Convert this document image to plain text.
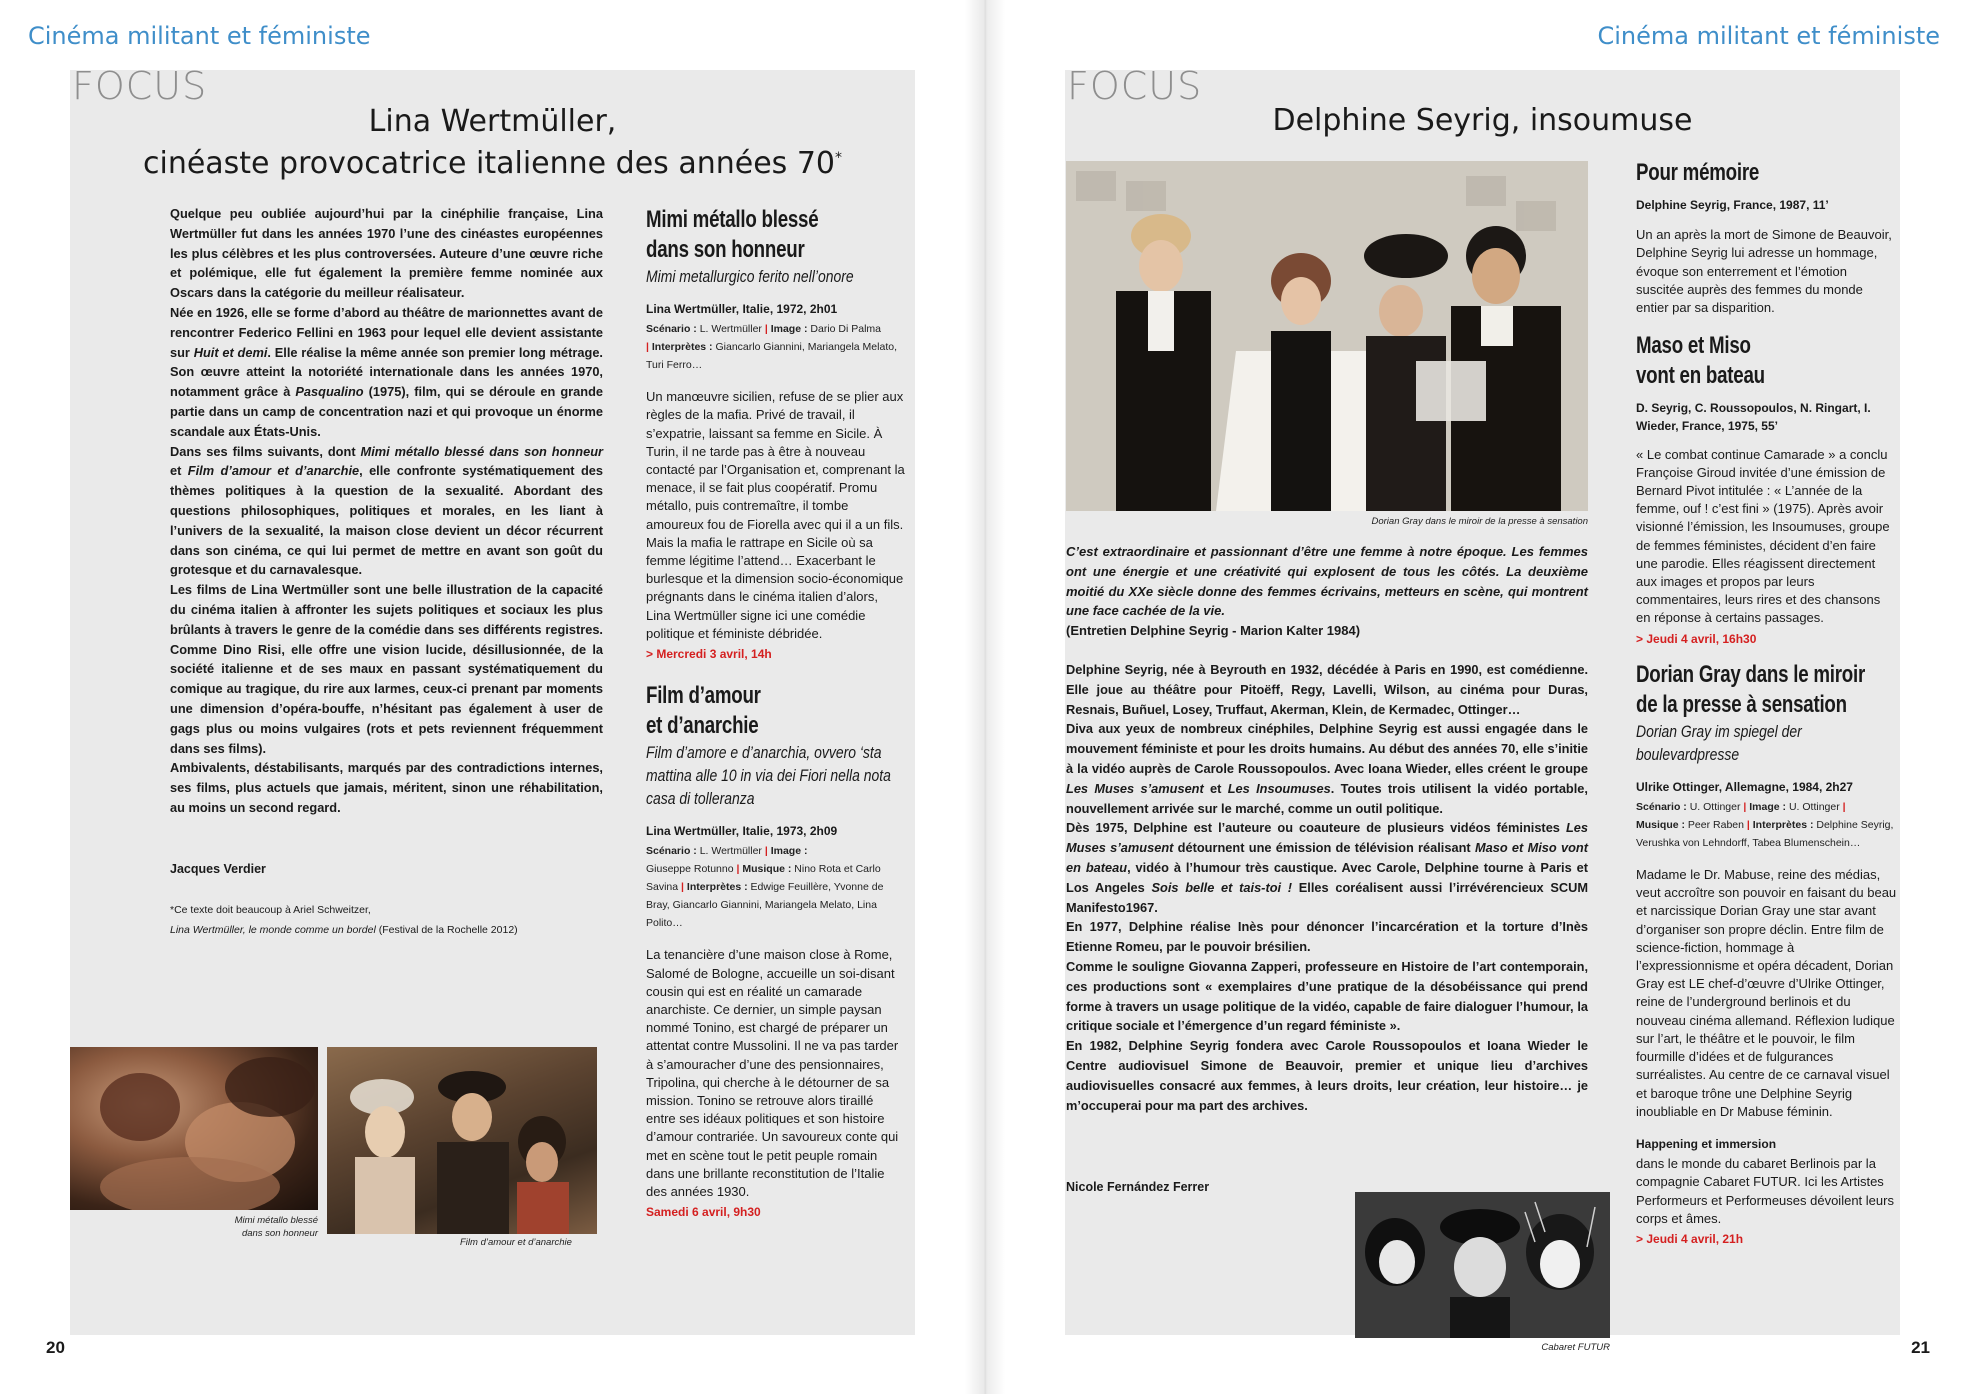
Cinéma militant et féministe
FOCUS
Lina Wertmüller,
cinéaste provocatrice italienne des années 70*

Quelque peu oubliée aujourd’hui par la cinéphilie française, Lina Wertmüller fut dans les années 1970 l’une des cinéastes européennes les plus célèbres et les plus controversées. Auteure d’une œuvre riche et polémique, elle fut également la première femme nominée aux Oscars dans la catégorie du meilleur réalisateur.

Née en 1926, elle se forme d’abord au théâtre de marionnettes avant de rencontrer Federico Fellini en 1963 pour lequel elle devient assistante sur Huit et demi. Elle réalise la même année son premier long métrage. Son œuvre atteint la notoriété internationale dans les années 1970, notamment grâce à Pasqualino (1975), film, qui se déroule en grande partie dans un camp de concentration nazi et qui provoque un énorme scandale aux États-Unis.

Dans ses films suivants, dont Mimi métallo blessé dans son honneur et Film d’amour et d’anarchie, elle confronte systématiquement des thèmes politiques à la question de la sexualité. Abordant des questions philosophiques, politiques et morales, en les liant à l’univers de la sexualité, la maison close devient un décor récurrent dans son cinéma, ce qui lui permet de mettre en avant son goût du grotesque et du carnavalesque.

Les films de Lina Wertmüller sont une belle illustration de la capacité du cinéma italien à affronter les sujets politiques et sociaux les plus brûlants à travers le genre de la comédie dans ses différents registres. Comme Dino Risi, elle offre une vision lucide, désillusionnée, de la société italienne et de ses maux en passant systématiquement du comique au tragique, du rire aux larmes, ceux-ci prenant par moments une dimension d’opéra-bouffe, n’hésitant pas également à user de gags plus ou moins vulgaires (rots et pets reviennent fréquemment dans ses films).

Ambivalents, déstabilisants, marqués par des contradictions internes, ses films, plus actuels que jamais, méritent, sinon une réhabilitation, au moins un second regard.

Jacques Verdier
*Ce texte doit beaucoup à Ariel Schweitzer,
Lina Wertmüller, le monde comme un bordel (Festival de la Rochelle 2012)
Mimi métallo blessé
dans son honneur
Mimi metallurgico ferito nell’onore
Lina Wertmüller, Italie, 1972, 2h01
Scénario : L. Wertmüller | Image : Dario Di Palma
| Interprètes : Giancarlo Giannini, Mariangela Melato, Turi Ferro…
Un manœuvre sicilien, refuse de se plier aux règles de la mafia. Privé de travail, il s’expatrie, laissant sa femme en Sicile. À Turin, il ne tarde pas à être à nouveau contacté par l’Organisation et, comprenant la menace, il se fait plus coopératif. Promu métallo, puis contremaître, il tombe amoureux fou de Fiorella avec qui il a un fils. Mais la mafia le rattrape en Sicile où sa femme légitime l’attend… Exacerbant le burlesque et la dimension socio-économique prégnants dans le cinéma italien d’alors, Lina Wertmüller signe ici une comédie politique et féministe débridée.
> Mercredi 3 avril, 14h
Film d’amour
et d’anarchie
Film d’amore e d’anarchia, ovvero ‘sta mattina alle 10 in via dei Fiori nella nota casa di tolleranza
Lina Wertmüller, Italie, 1973, 2h09
Scénario : L. Wertmüller | Image :
Giuseppe Rotunno | Musique : Nino Rota et Carlo Savina | Interprètes : Edwige Feuillère, Yvonne de Bray, Giancarlo Giannini, Mariangela Melato, Lina Polito…
La tenancière d’une maison close à Rome, Salomé de Bologne, accueille un soi-disant cousin qui est en réalité un camarade anarchiste. Ce dernier, un simple paysan nommé Tonino, est chargé de préparer un attentat contre Mussolini. Il ne va pas tarder à s’amouracher d’une des pensionnaires, Tripolina, qui cherche à le détourner de sa mission. Tonino se retrouve alors tiraillé entre ses idéaux politiques et son histoire d’amour contrariée. Un savoureux conte qui met en scène tout le petit peuple romain dans une brillante reconstitution de l’Italie des années 1930.
Samedi 6 avril, 9h30
Mimi métallo blessé
dans son honneur
Film d’amour et d’anarchie
20
Cinéma militant et féministe
FOCUS
Delphine Seyrig, insoumuse
Dorian Gray dans le miroir de la presse à sensation
C’est extraordinaire et passionnant d’être une femme à notre époque. Les femmes ont une énergie et une créativité qui explosent de tous les côtés. La deuxième moitié du XXe siècle donne des femmes écrivains, metteurs en scène, qui montrent une face cachée de la vie.
(Entretien Delphine Seyrig - Marion Kalter 1984)

Delphine Seyrig, née à Beyrouth en 1932, décédée à Paris en 1990, est comédienne. Elle joue au théâtre pour Pitoëff, Regy, Lavelli, Wilson, au cinéma pour Duras, Resnais, Buñuel, Losey, Truffaut, Akerman, Klein, de Kermadec, Ottinger…

Diva aux yeux de nombreux cinéphiles, Delphine Seyrig est aussi engagée dans le mouvement féministe et pour les droits humains. Au début des années 70, elle s’initie à la vidéo auprès de Carole Roussopoulos. Avec Ioana Wieder, elles créent le groupe Les Muses s’amusent et Les Insoumuses. Toutes trois utilisent la vidéo portable, nouvellement arrivée sur le marché, comme un outil politique.

Dès 1975, Delphine est l’auteure ou coauteure de plusieurs vidéos féministes Les Muses s’amusent détournent une émission de télévision réalisant Maso et Miso vont en bateau, vidéo à l’humour très caustique. Avec Carole, Delphine tourne à Paris et Los Angeles Sois belle et tais-toi ! Elles coréalisent aussi l’irrévérencieux SCUM Manifesto1967.

En 1977, Delphine réalise Inès pour dénoncer l’incarcération et la torture d’Inès Etienne Romeu, par le pouvoir brésilien.

Comme le souligne Giovanna Zapperi, professeure en Histoire de l’art contemporain, ces productions sont « exemplaires d’une pratique de la désobéissance qui prend forme à travers un usage politique de la vidéo, capable de faire dialoguer l’humour, la critique sociale et l’émergence d’un regard féministe ».

En 1982, Delphine Seyrig fondera avec Carole Roussopoulos et Ioana Wieder le Centre audiovisuel Simone de Beauvoir, premier et unique lieu d’archives audiovisuelles consacré aux femmes, à leurs droits, leur création, leur histoire… je m’occuperai pour ma part des archives.

Nicole Fernández Ferrer
Cabaret FUTUR
Pour mémoire
Delphine Seyrig, France, 1987, 11’
Un an après la mort de Simone de Beauvoir, Delphine Seyrig lui adresse un hommage, évoque son enterrement et l’émotion suscitée auprès des femmes du monde entier par sa disparition.
Maso et Miso
vont en bateau
D. Seyrig, C. Roussopoulos, N. Ringart, I. Wieder, France, 1975, 55’
« Le combat continue Camarade » a conclu Françoise Giroud invitée d’une émission de Bernard Pivot intitulée : « L’année de la femme, ouf ! c’est fini » (1975). Après avoir visionné l’émission, les Insoumuses, groupe de femmes féministes, décident d’en faire une parodie. Elles réagissent directement aux images et propos par leurs commentaires, leurs rires et des chansons en réponse à certains passages.
> Jeudi 4 avril, 16h30
Dorian Gray dans le miroir
de la presse à sensation
Dorian Gray im spiegel der boulevardpresse
Ulrike Ottinger, Allemagne, 1984, 2h27
Scénario : U. Ottinger | Image : U. Ottinger |
Musique : Peer Raben | Interprètes : Delphine Seyrig, Verushka von Lehndorff, Tabea Blumenschein…
Madame le Dr. Mabuse, reine des médias, veut accroître son pouvoir en faisant du beau et narcissique Dorian Gray une star avant d’organiser son propre déclin. Entre film de science-fiction, hommage à l’expressionnisme et opéra décadent, Dorian Gray est LE chef-d’œuvre d’Ulrike Ottinger, reine de l’underground berlinois et du nouveau cinéma allemand. Réflexion ludique sur l’art, le théâtre et le pouvoir, le film fourmille d’idées et de fulgurances surréalistes. Au centre de ce carnaval visuel et baroque trône une Delphine Seyrig inoubliable en Dr Mabuse féminin.
Happening et immersion
dans le monde du cabaret Berlinois par la compagnie Cabaret FUTUR. Ici les Artistes Performeurs et Performeuses dévoilent leurs corps et âmes.
> Jeudi 4 avril, 21h
21
